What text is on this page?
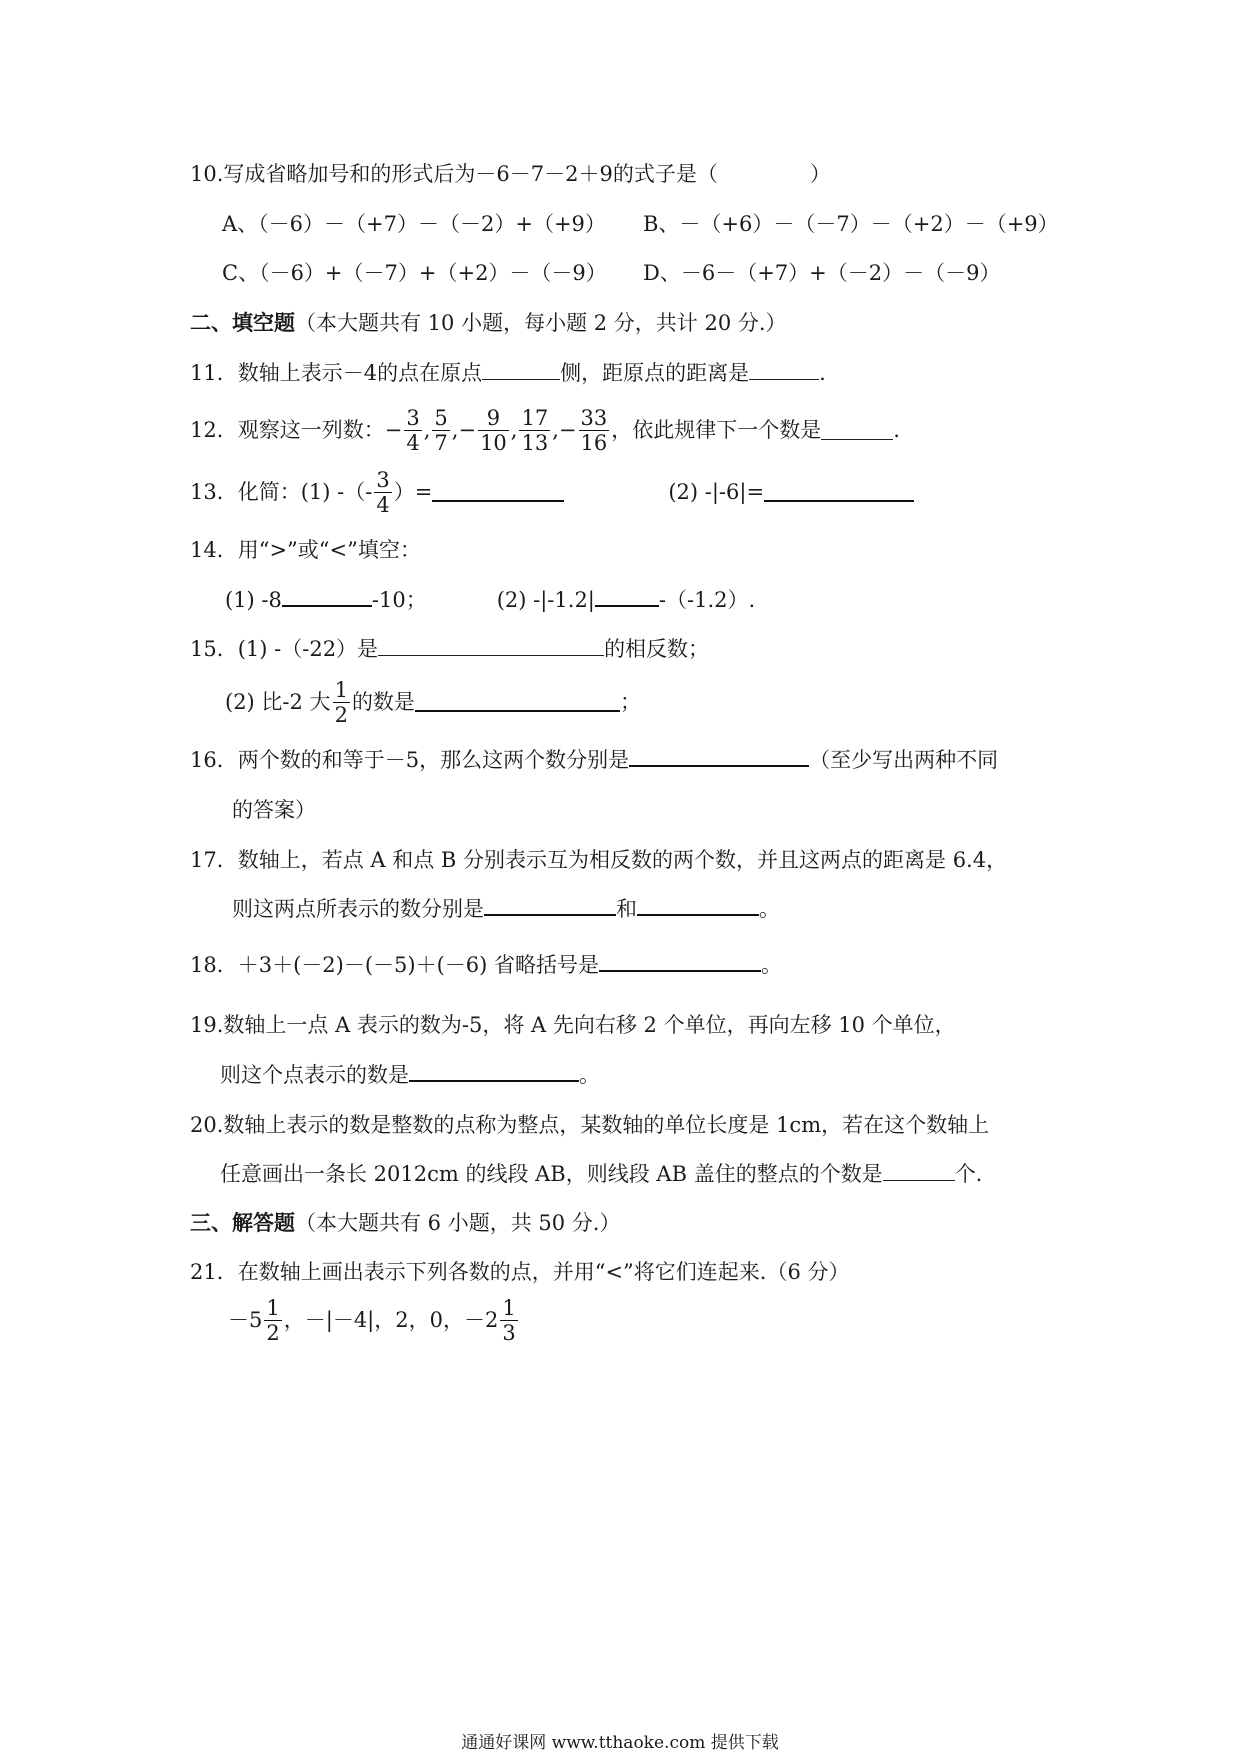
10.写成省略加号和的形式后为－6－7－2＋9的式子是（	）
A、（－6）－（+7）－（－2）+（+9） B、－（+6）－（－7）－（+2）－（+9）
C、（－6）+（－7）+（+2）－（－9） D、－6－（+7）+（－2）－（－9）
二、填空题（本大题共有 10 小题，每小题 2 分，共计 20 分.）
11．数轴上表示－4的点在原点	侧，距原点的距离是	.
12．观察这一列数： − $\frac{3}{4}$ , $\frac{5}{7}$ ,− $\frac{9}{10}$ , $\frac{17}{13}$ ,− $\frac{33}{16}$ ，依此规律下一个数是	.
13．化简：(1) -（- $\frac{3}{4}$ ）=	(2) -|-6|=
14．用“>”或“<”填空：
(1) -8	-10；	(2) -|-1.2|	-（-1.2）.
15．(1) -（-22）是	的相反数；
(2) 比-2 大 $\frac{1}{2}$ 的数是	；
16．两个数的和等于－5，那么这两个数分别是	（至少写出两种不同
的答案）
17．数轴上，若点 A 和点 B 分别表示互为相反数的两个数，并且这两点的距离是 6.4，
则这两点所表示的数分别是	和	。
18．＋3＋(－2)－(－5)＋(－6) 省略括号是	。
19.数轴上一点 A 表示的数为-5，将 A 先向右移 2 个单位，再向左移 10 个单位，
则这个点表示的数是	。
20.数轴上表示的数是整数的点称为整点，某数轴的单位长度是 1cm，若在这个数轴上
任意画出一条长 2012cm 的线段 AB，则线段 AB 盖住的整点的个数是	个.
三、解答题（本大题共有 6 小题，共 50 分.）
21．在数轴上画出表示下列各数的点，并用“<”将它们连起来.（6 分）
$-5 \frac{1}{2}$ ，－|－4|，2，0，$-2 \frac{1}{3}$
通通好课网 www.tthaoke.com 提供下载
